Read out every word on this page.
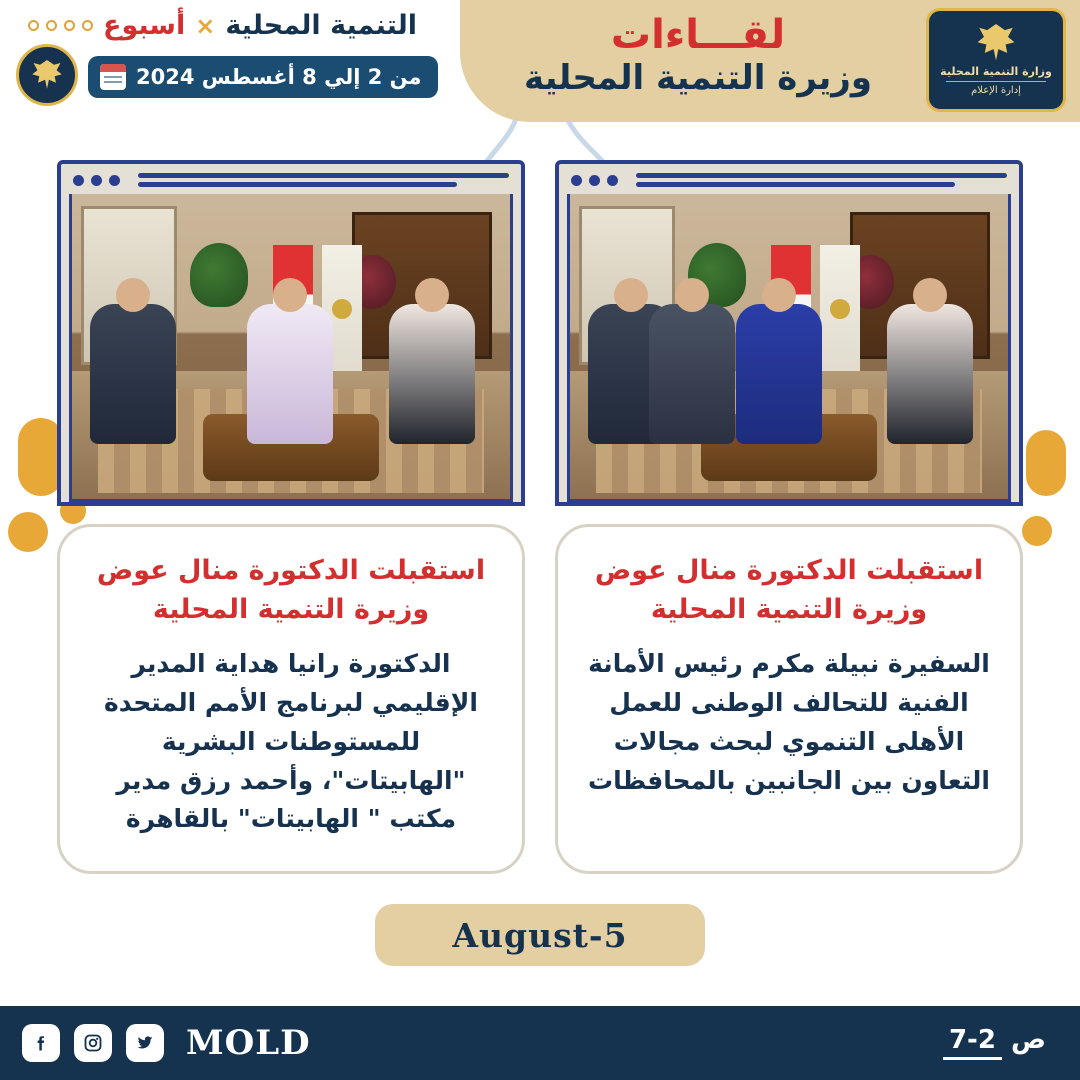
وزارة التنمية المحلية
إدارة الإعلام
لقـــاءات
وزيرة التنمية المحلية
التنمية المحلية
×
أسبوع
من 2 إلي 8 أغسطس 2024
استقبلت الدكتورة منال عوض وزيرة التنمية المحلية
السفيرة نبيلة مكرم رئيس الأمانة الفنية للتحالف الوطنى للعمل الأهلى التنموي لبحث مجالات التعاون بين الجانبين بالمحافظات
استقبلت الدكتورة منال عوض وزيرة التنمية المحلية
الدكتورة رانيا هداية المدير الإقليمي لبرنامج الأمم المتحدة للمستوطنات البشرية "الهابيتات"، وأحمد رزق مدير مكتب " الهابيتات" بالقاهرة
5-August
MOLD	ص 7-2
